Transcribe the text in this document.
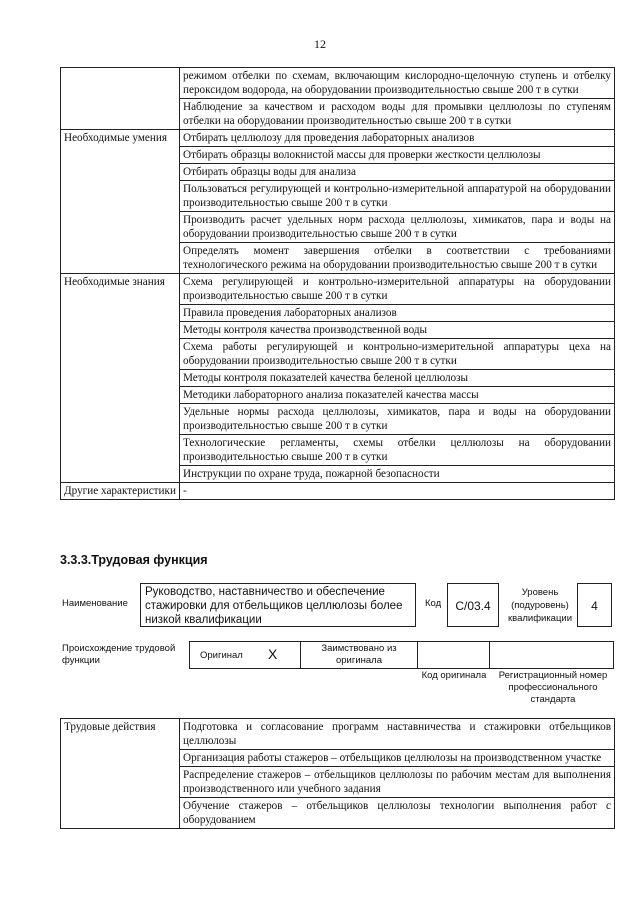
12
	режимом отбелки по схемам, включающим кислородно-щелочную ступень и отбелку пероксидом водорода, на оборудовании производительностью свыше 200 т в сутки
	Наблюдение за качеством и расходом воды для промывки целлюлозы по ступеням отбелки на оборудовании производительностью свыше 200 т в сутки
Необходимые умения	Отбирать целлюлозу для проведения лабораторных анализов
	Отбирать образцы волокнистой массы для проверки жесткости целлюлозы
	Отбирать образцы воды для анализа
	Пользоваться регулирующей и контрольно-измерительной аппаратурой на оборудовании производительностью свыше 200 т в сутки
	Производить расчет удельных норм расхода целлюлозы, химикатов, пара и воды на оборудовании производительностью свыше 200 т в сутки
	Определять момент завершения отбелки в соответствии с требованиями технологического режима на оборудовании производительностью свыше 200 т в сутки
Необходимые знания	Схема регулирующей и контрольно-измерительной аппаратуры на оборудовании производительностью свыше 200 т в сутки
	Правила проведения лабораторных анализов
	Методы контроля качества производственной воды
	Схема работы регулирующей и контрольно-измерительной аппаратуры цеха на оборудовании производительностью свыше 200 т в сутки
	Методы контроля показателей качества беленой целлюлозы
	Методики лабораторного анализа показателей качества массы
	Удельные нормы расхода целлюлозы, химикатов, пара и воды на оборудовании производительностью свыше 200 т в сутки
	Технологические регламенты, схемы отбелки целлюлозы на оборудовании производительностью свыше 200 т в сутки
	Инструкции по охране труда, пожарной безопасности
Другие характеристики	-
3.3.3.Трудовая функция
Наименование
Руководство, наставничество и обеспечение стажировки для отбельщиков целлюлозы более низкой квалификации
Код	C/03.4
Уровень (подуровень) квалификации
4
Происхождение трудовой функции	Оригинал X	Заимствовано из оригинала
Код оригинала	Регистрационный номер профессионального стандарта
Трудовые действия	Подготовка и согласование программ наставничества и стажировки отбельщиков целлюлозы
Организация работы стажеров – отбельщиков целлюлозы на производственном участке
Распределение стажеров – отбельщиков целлюлозы по рабочим местам для выполнения производственного или учебного задания
Обучение стажеров – отбельщиков целлюлозы технологии выполнения работ с оборудованием
